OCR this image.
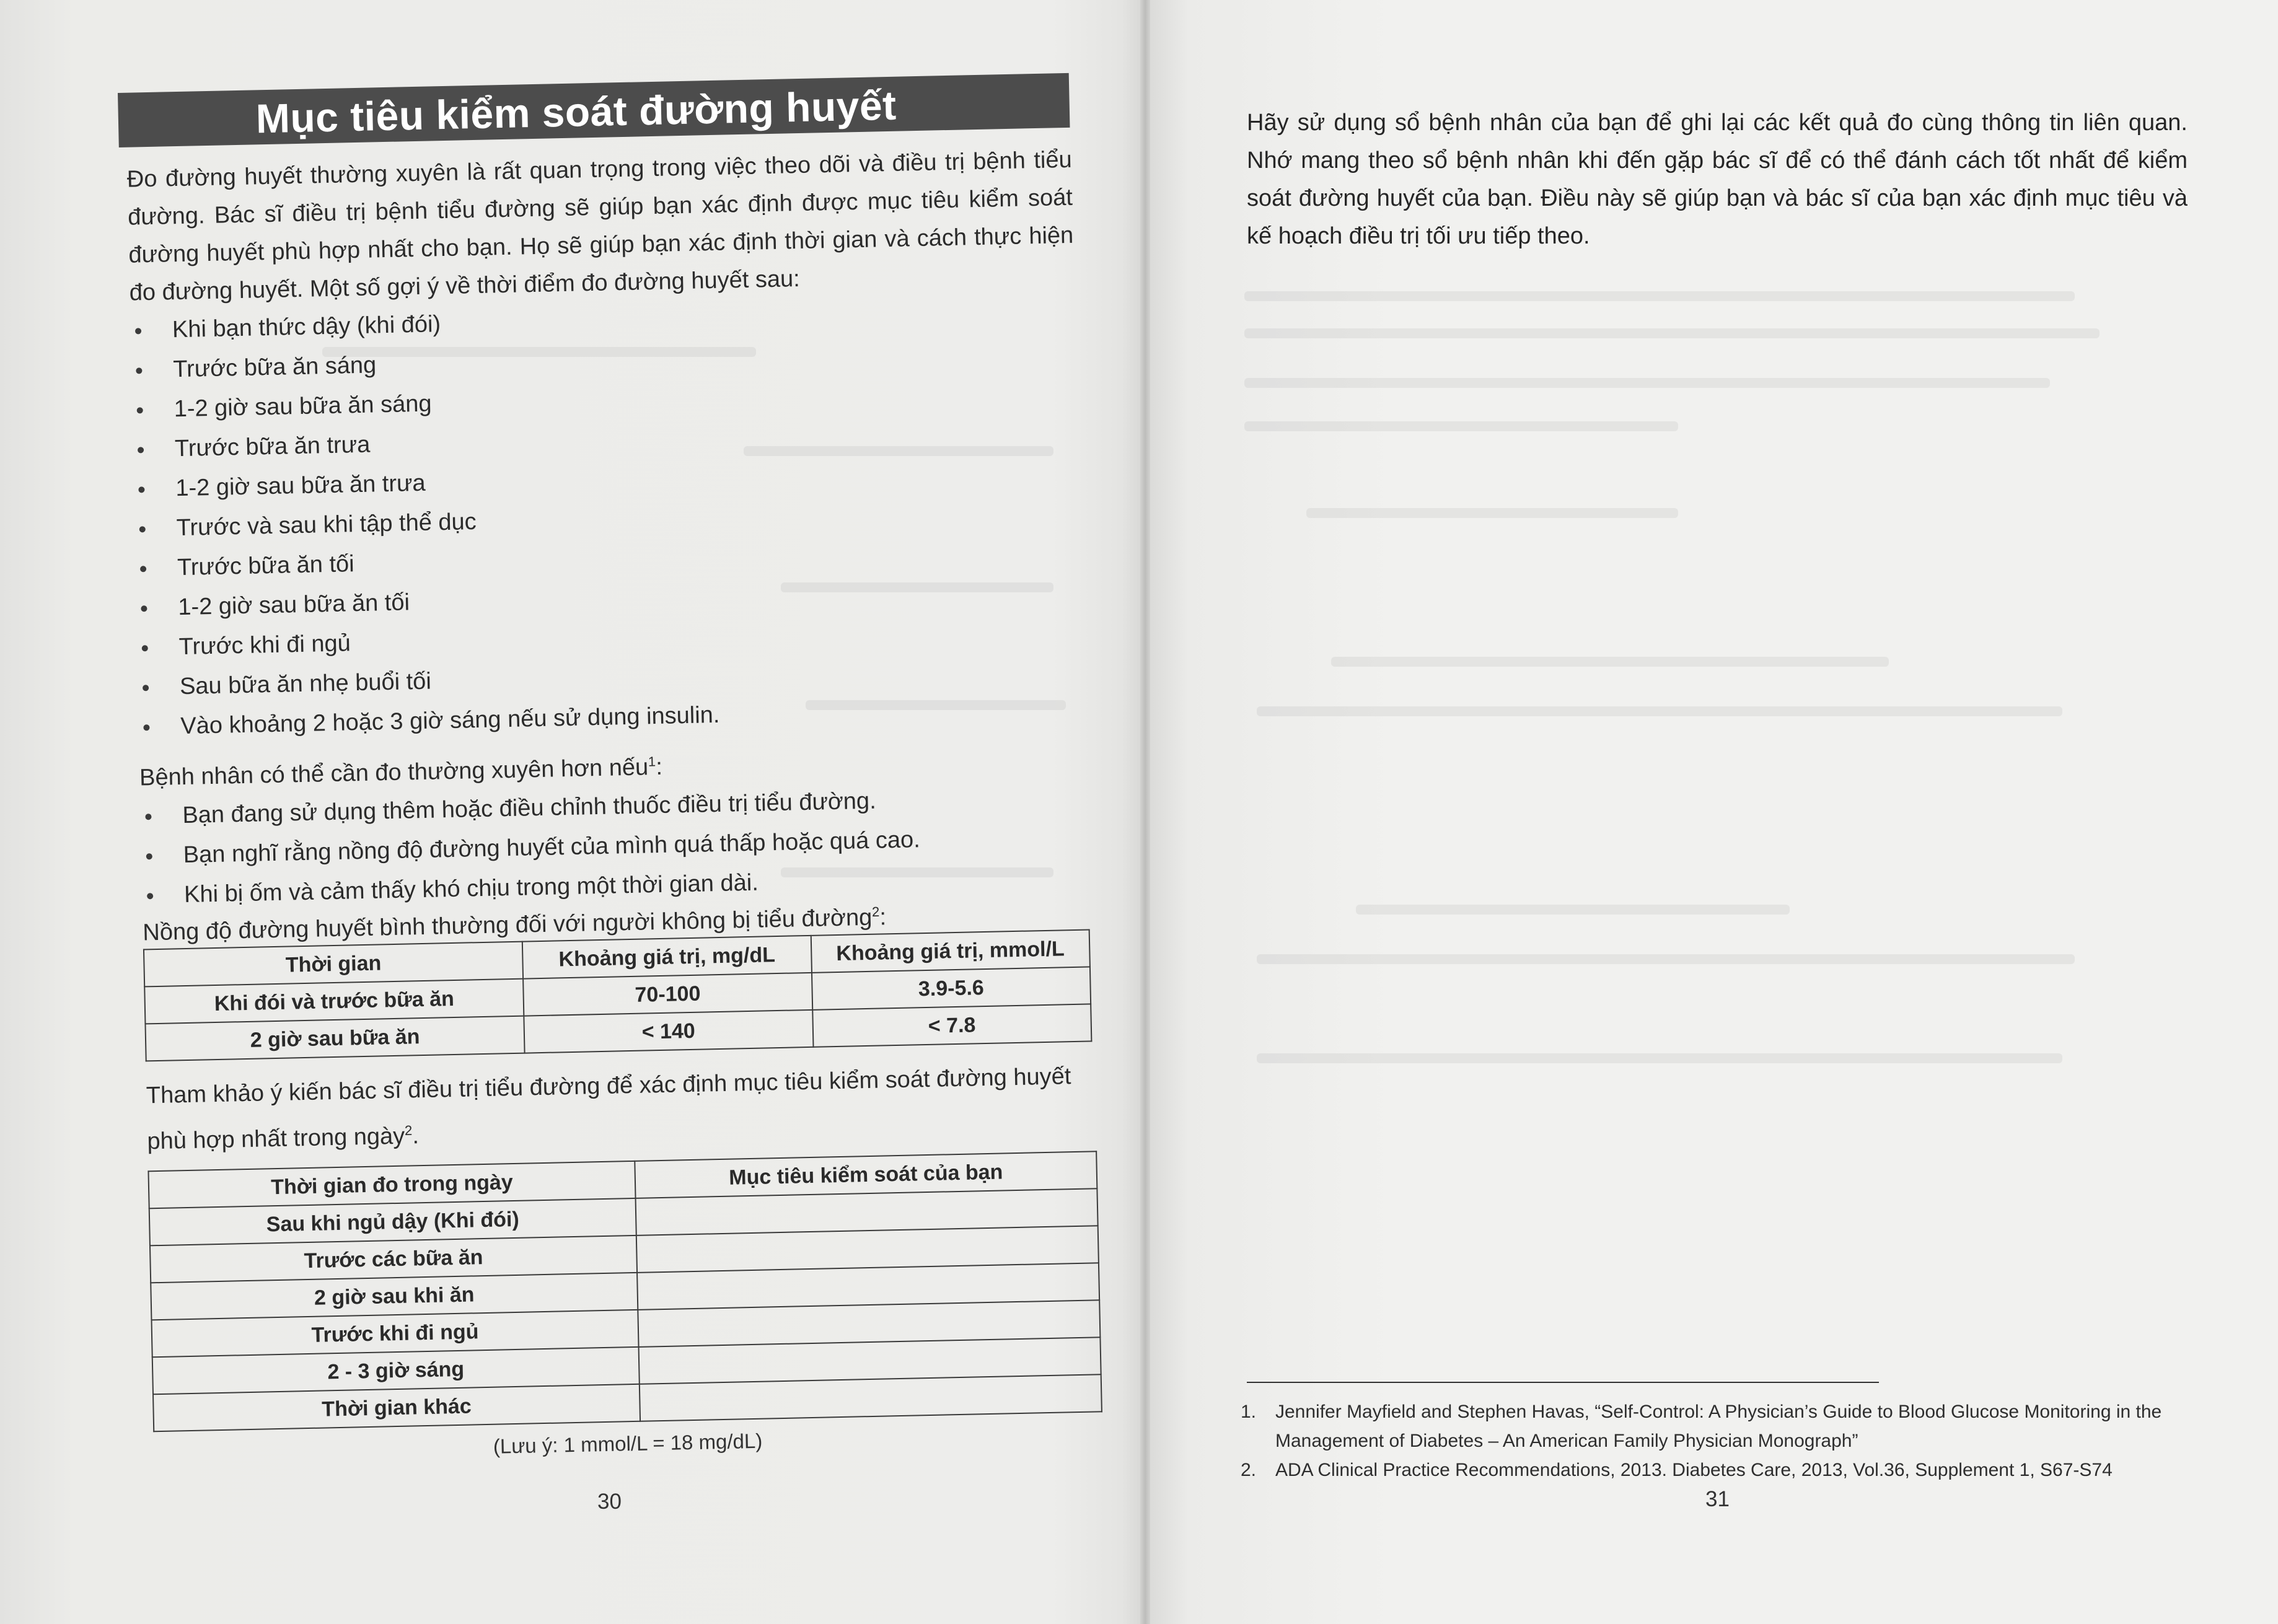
Mục tiêu kiểm soát đường huyết

Đo đường huyết thường xuyên là rất quan trọng trong việc theo dõi và điều trị bệnh tiểu đường. Bác sĩ điều trị bệnh tiểu đường sẽ giúp bạn xác định được mục tiêu kiểm soát đường huyết phù hợp nhất cho bạn. Họ sẽ giúp bạn xác định thời gian và cách thực hiện đo đường huyết. Một số gợi ý về thời điểm đo đường huyết sau:

Khi bạn thức dậy (khi đói)
Trước bữa ăn sáng
1-2 giờ sau bữa ăn sáng
Trước bữa ăn trưa
1-2 giờ sau bữa ăn trưa
Trước và sau khi tập thể dục
Trước bữa ăn tối
1-2 giờ sau bữa ăn tối
Trước khi đi ngủ
Sau bữa ăn nhẹ buổi tối
Vào khoảng 2 hoặc 3 giờ sáng nếu sử dụng insulin.
Bệnh nhân có thể cần đo thường xuyên hơn nếu$^1$:
Bạn đang sử dụng thêm hoặc điều chỉnh thuốc điều trị tiểu đường.
Bạn nghĩ rằng nồng độ đường huyết của mình quá thấp hoặc quá cao.
Khi bị ốm và cảm thấy khó chịu trong một thời gian dài.
Nồng độ đường huyết bình thường đối với người không bị tiểu đường$^2$:
Thời gian	Khoảng giá trị, mg/dL	Khoảng giá trị, mmol/L
Khi đói và trước bữa ăn	70-100	3.9-5.6
2 giờ sau bữa ăn	< 140	< 7.8
Tham khảo ý kiến bác sĩ điều trị tiểu đường để xác định mục tiêu kiểm soát đường huyết phù hợp nhất trong ngày$^2$.
Thời gian đo trong ngày	Mục tiêu kiểm soát của bạn
Sau khi ngủ dậy (Khi đói)	
Trước các bữa ăn	
2 giờ sau khi ăn	
Trước khi đi ngủ	
2 - 3 giờ sáng	
Thời gian khác	
(Lưu ý: 1 mmol/L = 18 mg/dL)
30
Hãy sử dụng sổ bệnh nhân của bạn để ghi lại các kết quả đo cùng thông tin liên quan. Nhớ mang theo sổ bệnh nhân khi đến gặp bác sĩ để có thể đánh cách tốt nhất để kiểm soát đường huyết của bạn. Điều này sẽ giúp bạn và bác sĩ của bạn xác định mục tiêu và kế hoạch điều trị tối ưu tiếp theo.
1. Jennifer Mayfield and Stephen Havas, “Self-Control: A Physician’s Guide to Blood Glucose Monitoring in the Management of Diabetes – An American Family Physician Monograph”
2. ADA Clinical Practice Recommendations, 2013. Diabetes Care, 2013, Vol.36, Supplement 1, S67-S74
31
